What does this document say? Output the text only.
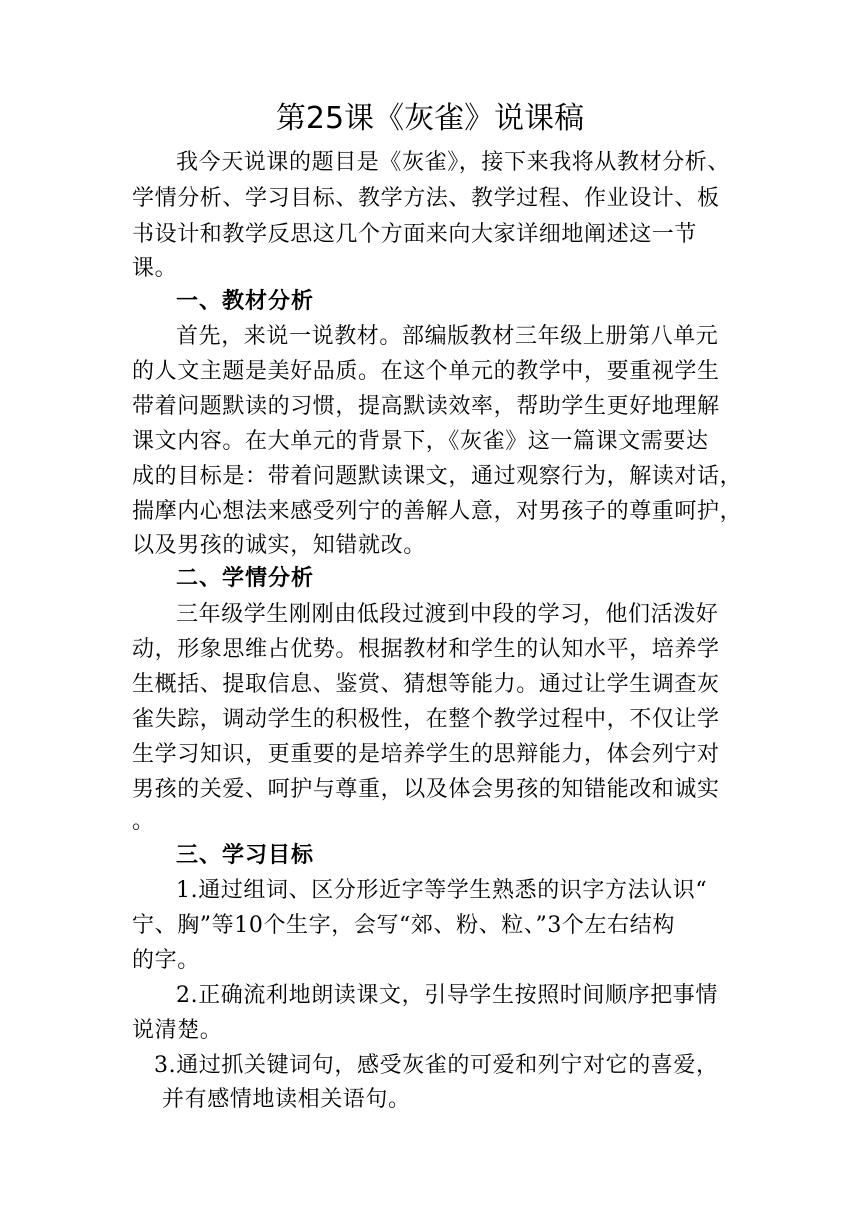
第25课《灰雀》说课稿
我今天说课的题目是《灰雀》，接下来我将从教材分析、
学情分析、学习目标、教学方法、教学过程、作业设计、板
书设计和教学反思这几个方面来向大家详细地阐述这一节
课。
一、教材分析
首先，来说一说教材。部编版教材三年级上册第八单元
的人文主题是美好品质。在这个单元的教学中，要重视学生
带着问题默读的习惯，提高默读效率，帮助学生更好地理解
课文内容。在大单元的背景下，《灰雀》这一篇课文需要达
成的目标是：带着问题默读课文，通过观察行为，解读对话，
揣摩内心想法来感受列宁的善解人意，对男孩子的尊重呵护，
以及男孩的诚实，知错就改。
二、学情分析
三年级学生刚刚由低段过渡到中段的学习，他们活泼好
动，形象思维占优势。根据教材和学生的认知水平，培养学
生概括、提取信息、鉴赏、猜想等能力。通过让学生调查灰
雀失踪，调动学生的积极性，在整个教学过程中，不仅让学
生学习知识，更重要的是培养学生的思辩能力，体会列宁对
男孩的关爱、呵护与尊重，以及体会男孩的知错能改和诚实
。
三、学习目标
1.通过组词、区分形近字等学生熟悉的识字方法认识“
宁、胸”等10个生字，会写“郊、粉、粒、”3个左右结构
的字。
2.正确流利地朗读课文，引导学生按照时间顺序把事情
说清楚。
3.通过抓关键词句，感受灰雀的可爱和列宁对它的喜爱，
并有感情地读相关语句。
